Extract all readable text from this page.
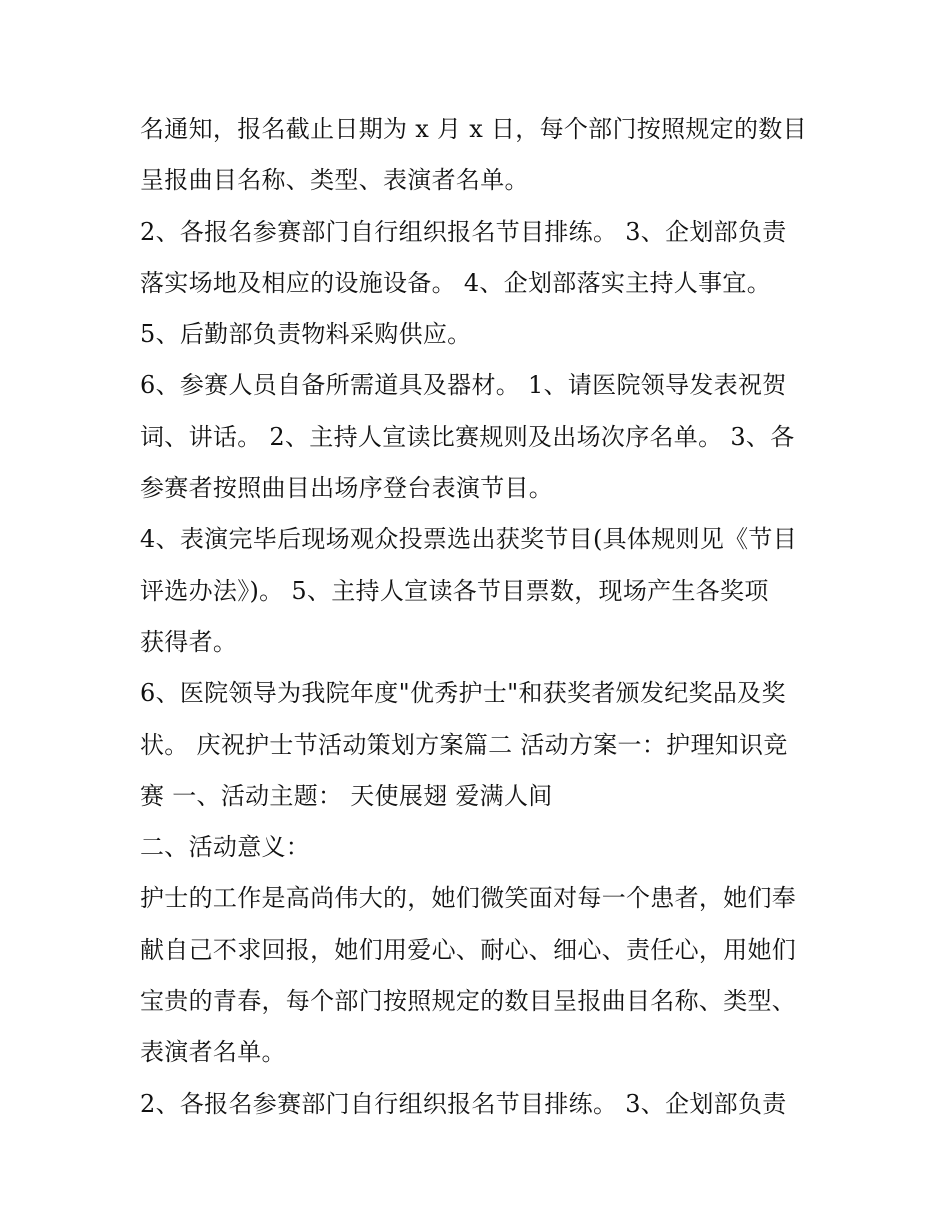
名通知，报名截止日期为 x 月 x 日，每个部门按照规定的数目
呈报曲目名称、类型、表演者名单。
2、各报名参赛部门自行组织报名节目排练。 3、企划部负责
落实场地及相应的设施设备。 4、企划部落实主持人事宜。
5、后勤部负责物料采购供应。
6、参赛人员自备所需道具及器材。 1、请医院领导发表祝贺
词、讲话。 2、主持人宣读比赛规则及出场次序名单。 3、各
参赛者按照曲目出场序登台表演节目。
4、表演完毕后现场观众投票选出获奖节目(具体规则见《节目
评选办法》)。 5、主持人宣读各节目票数，现场产生各奖项
获得者。
6、医院领导为我院年度"优秀护士"和获奖者颁发纪奖品及奖
状。 庆祝护士节活动策划方案篇二 活动方案一：护理知识竞
赛 一、活动主题： 天使展翅 爱满人间
二、活动意义：
护士的工作是高尚伟大的，她们微笑面对每一个患者，她们奉
献自己不求回报，她们用爱心、耐心、细心、责任心，用她们
宝贵的青春，每个部门按照规定的数目呈报曲目名称、类型、
表演者名单。
2、各报名参赛部门自行组织报名节目排练。 3、企划部负责
